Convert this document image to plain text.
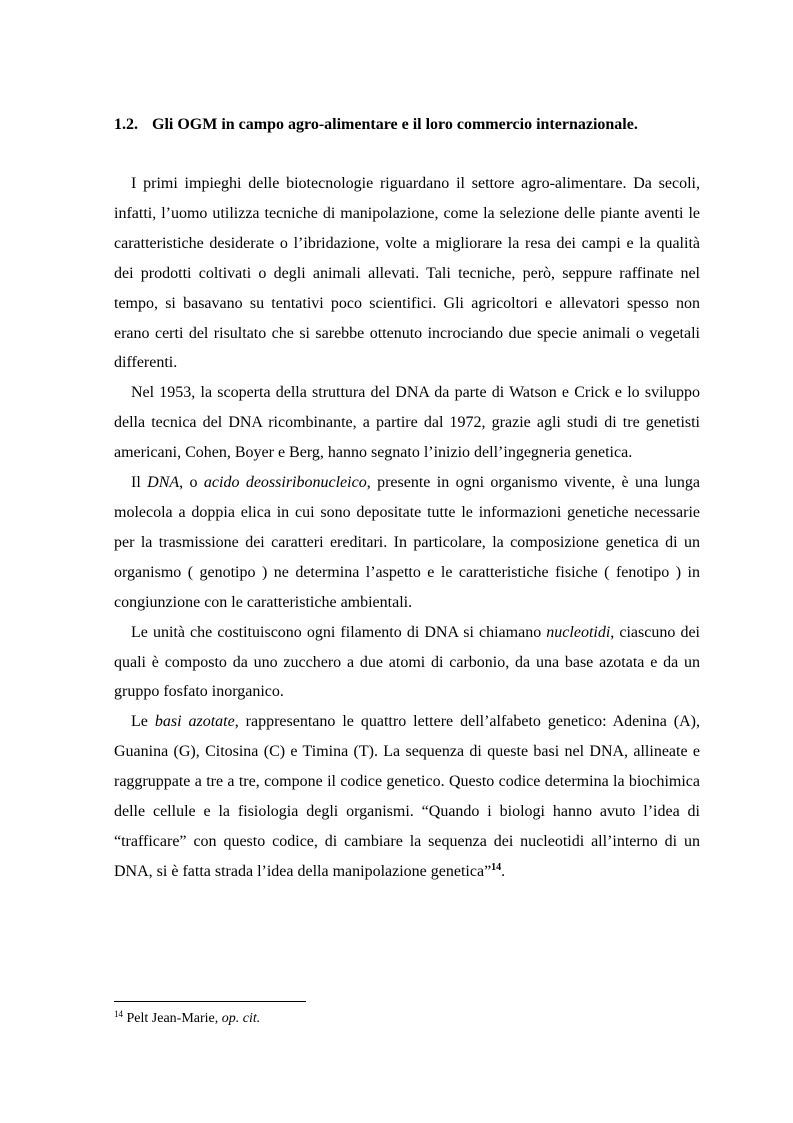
1.2. Gli OGM in campo agro-alimentare e il loro commercio internazionale.

I primi impieghi delle biotecnologie riguardano il settore agro-alimentare. Da secoli, infatti, l’uomo utilizza tecniche di manipolazione, come la selezione delle piante aventi le caratteristiche desiderate o l’ibridazione, volte a migliorare la resa dei campi e la qualità dei prodotti coltivati o degli animali allevati. Tali tecniche, però, seppure raffinate nel tempo, si basavano su tentativi poco scientifici. Gli agricoltori e allevatori spesso non erano certi del risultato che si sarebbe ottenuto incrociando due specie animali o vegetali differenti.

Nel 1953, la scoperta della struttura del DNA da parte di Watson e Crick e lo sviluppo della tecnica del DNA ricombinante, a partire dal 1972, grazie agli studi di tre genetisti americani, Cohen, Boyer e Berg, hanno segnato l’inizio dell’ingegneria genetica.

Il DNA, o acido deossiribonucleico, presente in ogni organismo vivente, è una lunga molecola a doppia elica in cui sono depositate tutte le informazioni genetiche necessarie per la trasmissione dei caratteri ereditari. In particolare, la composizione genetica di un organismo ( genotipo ) ne determina l’aspetto e le caratteristiche fisiche ( fenotipo ) in congiunzione con le caratteristiche ambientali.

Le unità che costituiscono ogni filamento di DNA si chiamano nucleotidi, ciascuno dei quali è composto da uno zucchero a due atomi di carbonio, da una base azotata e da un gruppo fosfato inorganico.

Le basi azotate, rappresentano le quattro lettere dell’alfabeto genetico: Adenina (A), Guanina (G), Citosina (C) e Timina (T). La sequenza di queste basi nel DNA, allineate e raggruppate a tre a tre, compone il codice genetico. Questo codice determina la biochimica delle cellule e la fisiologia degli organismi. “Quando i biologi hanno avuto l’idea di “trafficare” con questo codice, di cambiare la sequenza dei nucleotidi all’interno di un DNA, si è fatta strada l’idea della manipolazione genetica”$^{14}$.

$^{14}$ Pelt Jean-Marie, op. cit.
